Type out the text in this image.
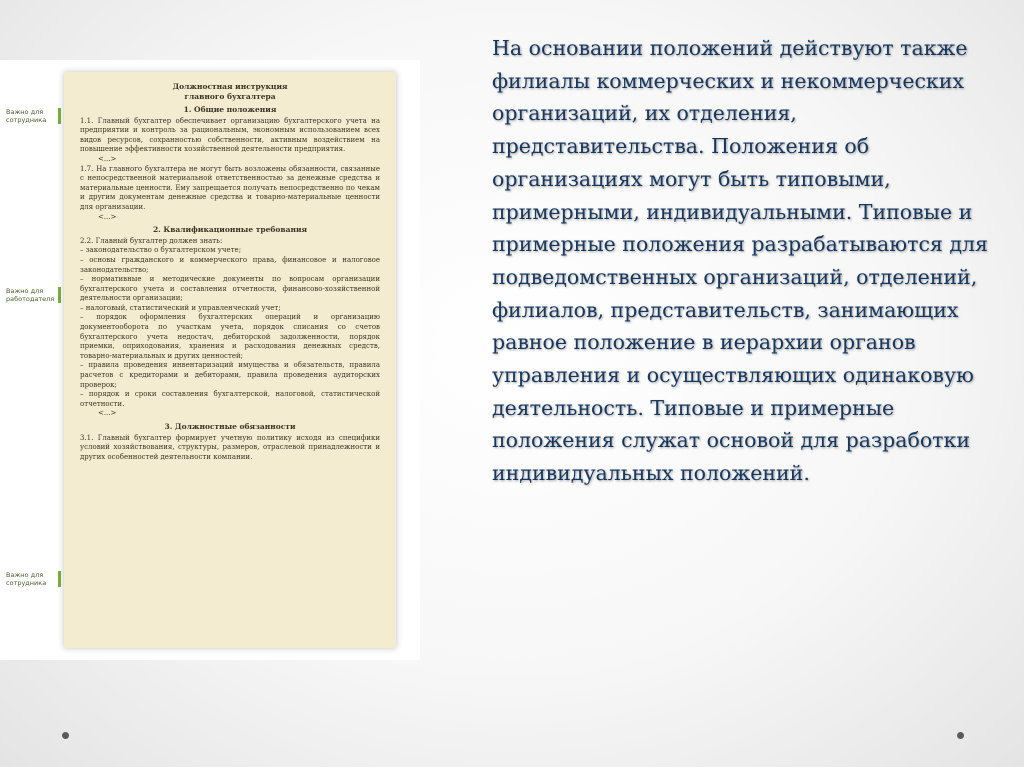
Важно для сотрудника
Важно для работодателя
Важно для сотрудника
Должностная инструкция
главного бухгалтера
1. Общие положения

1.1. Главный бухгалтер обеспечивает организацию бухгалтерского учета на предприятии и контроль за рациональным, экономным использованием всех видов ресурсов, сохранностью собственности, активным воздействием на повышение эффективности хозяйственной деятельности предприятия.

<...>

1.7. На главного бухгалтера не могут быть возложены обязанности, связанные с непосредственной материальной ответственностью за денежные средства и материальные ценности. Ему запрещается получать непосредственно по чекам и другим документам денежные средства и товарно-материальные ценности для организации.

<...>

2. Квалификационные требования

2.2. Главный бухгалтер должен знать:

– законодательство о бухгалтерском учете;

– основы гражданского и коммерческого права, финансовое и налоговое законодательство;

– нормативные и методические документы по вопросам организации бухгалтерского учета и составления отчетности, финансово-хозяйственной деятельности организации;

– налоговый, статистический и управленческий учет;

– порядок оформления бухгалтерских операций и организацию документооборота по участкам учета, порядок списания со счетов бухгалтерского учета недостач, дебиторской задолженности, порядок приемки, оприходования, хранения и расходования денежных средств, товарно-материальных и других ценностей;

– правила проведения инвентаризаций имущества и обязательств, правила расчетов с кредиторами и дебиторами, правила проведения аудиторских проверок;

– порядок и сроки составления бухгалтерской, налоговой, статистической отчетности.

<...>

3. Должностные обязанности

3.1. Главный бухгалтер формирует учетную политику исходя из специфики условий хозяйствования, структуры, размеров, отраслевой принадлежности и других особенностей деятельности компании.

На основании положений действуют также филиалы коммерческих и некоммерческих организаций, их отделения, представительства. Положения об организациях могут быть типовыми, примерными, индивидуальными. Типовые и примерные положения разрабатываются для подведомственных организаций, отделений, филиалов, представительств, занимающих равное положение в иерархии органов управления и осуществляющих одинаковую деятельность. Типовые и примерные положения служат основой для разработки индивидуальных положений.
